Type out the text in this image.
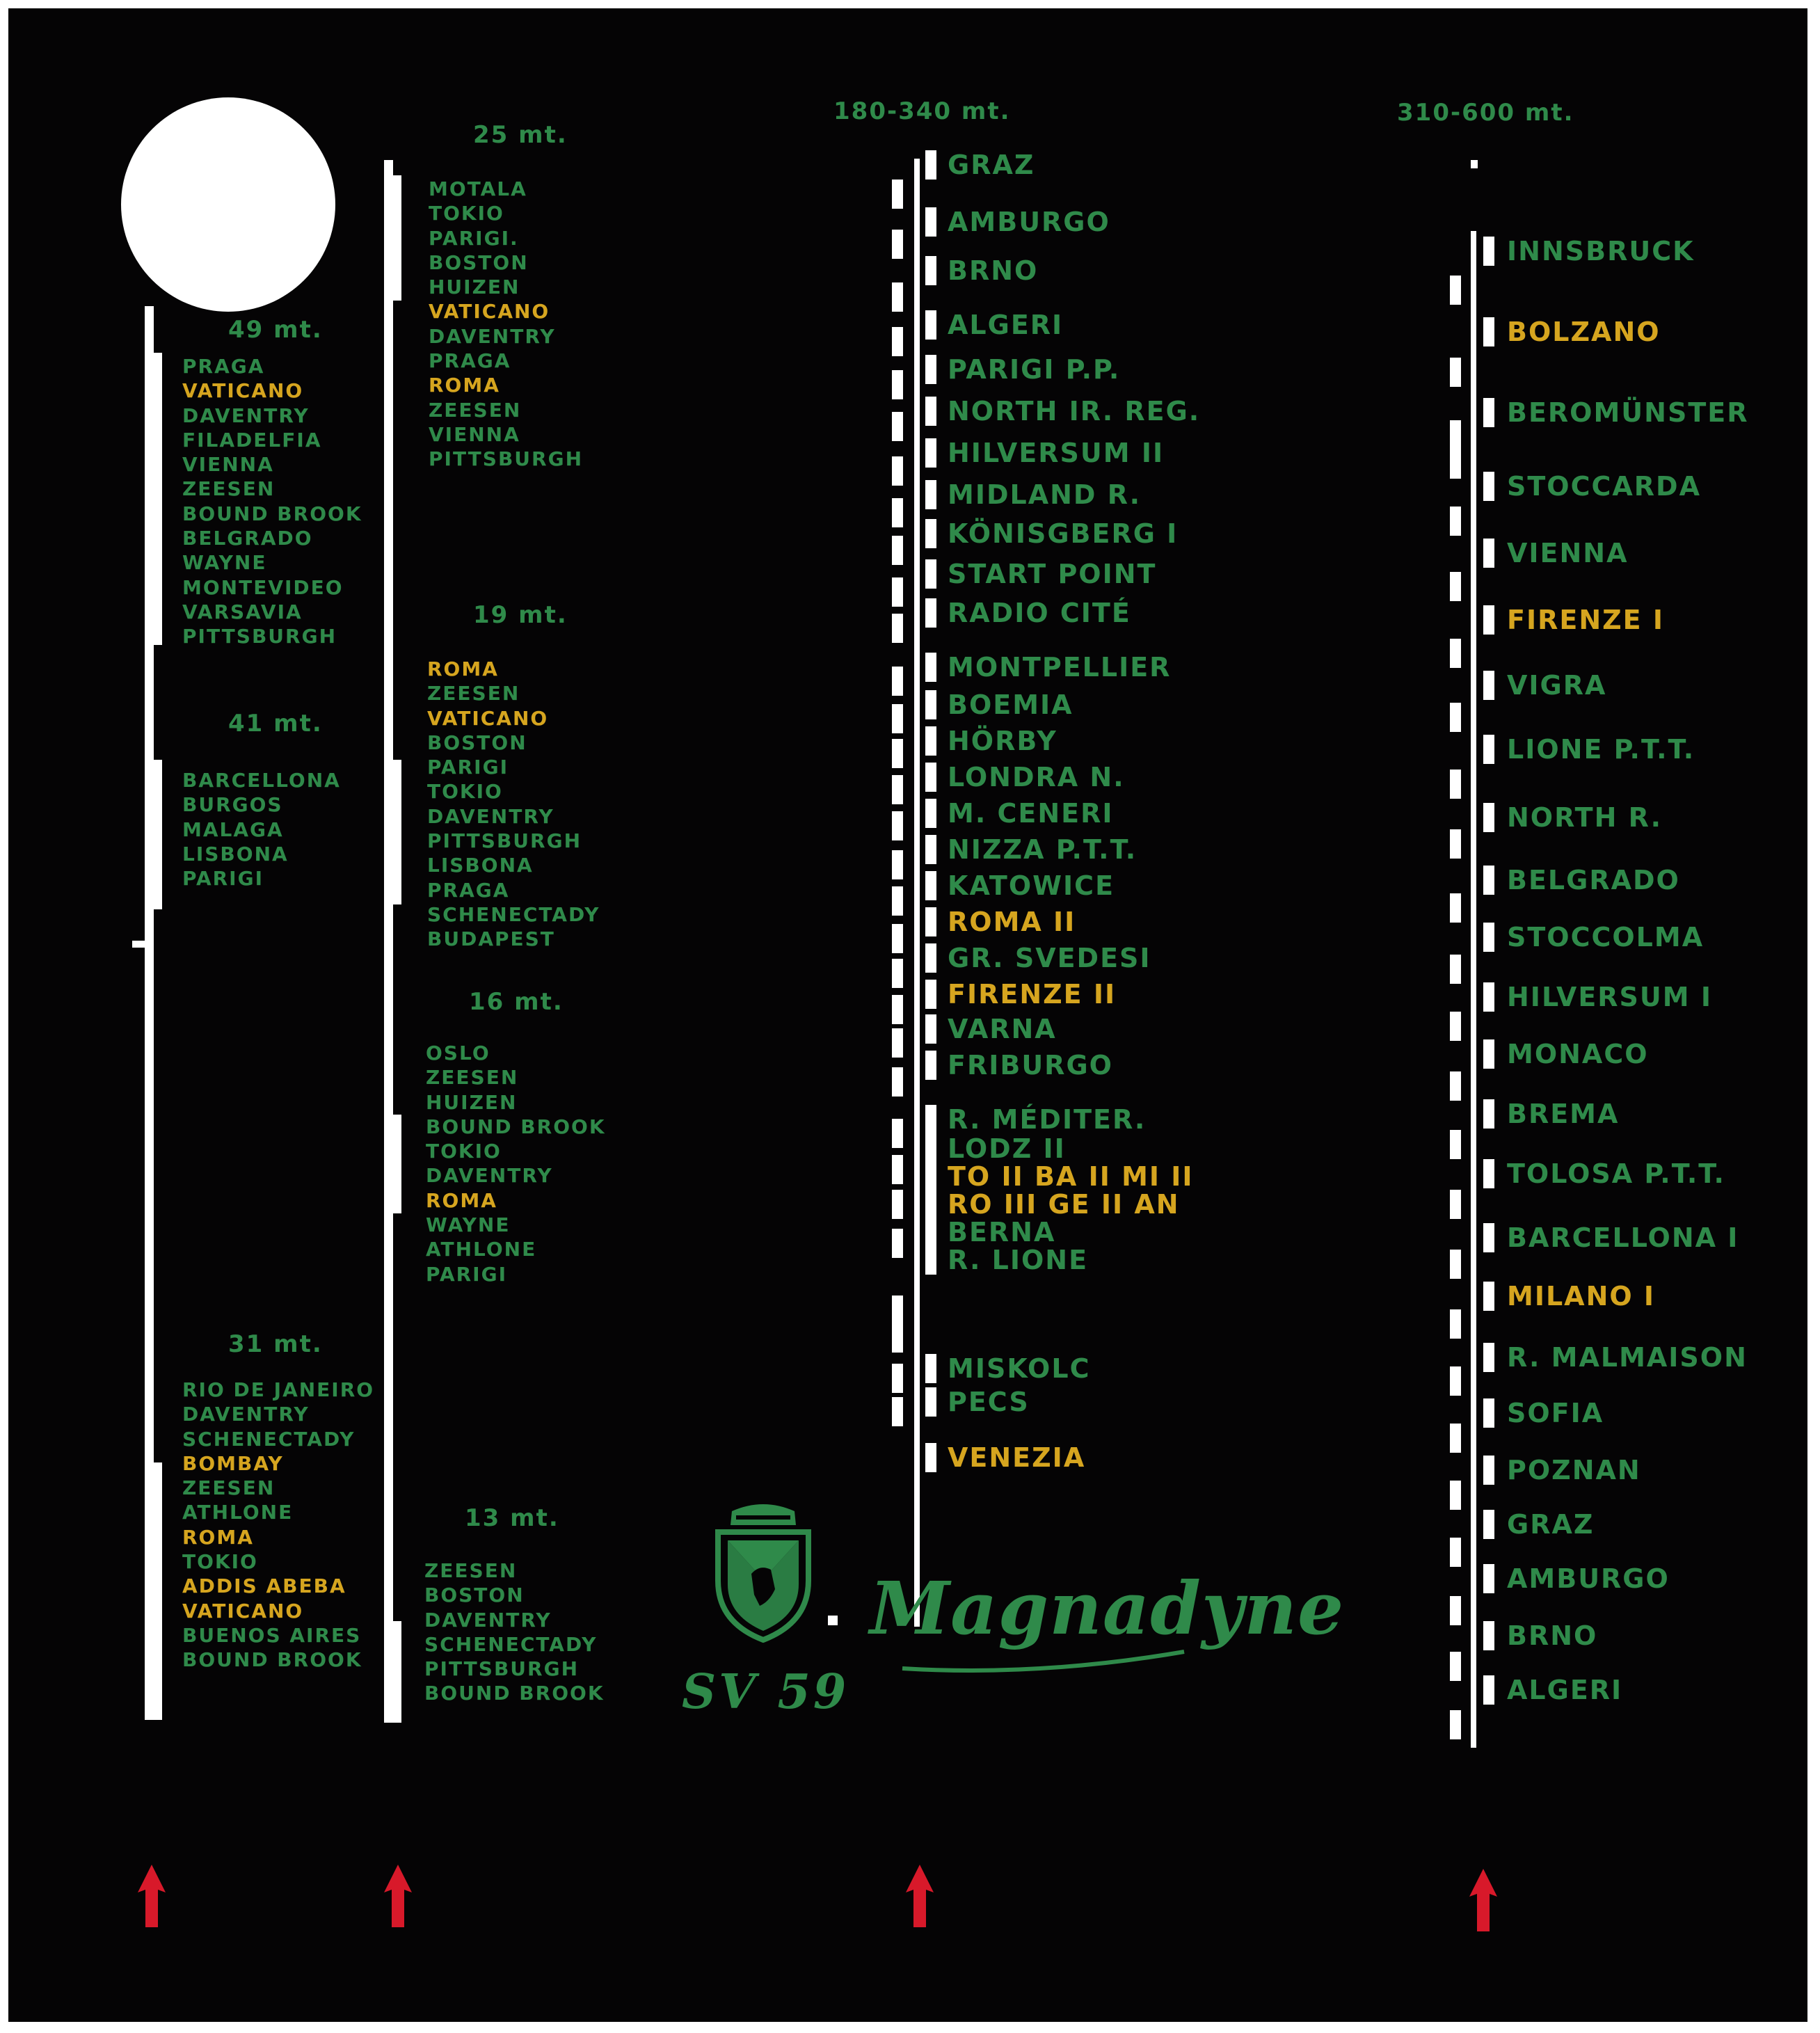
49 mt.
PRAGA
VATICANO
DAVENTRY
FILADELFIA
VIENNA
ZEESEN
BOUND BROOK
BELGRADO
WAYNE
MONTEVIDEO
VARSAVIA
PITTSBURGH
41 mt.
BARCELLONA
BURGOS
MALAGA
LISBONA
PARIGI
31 mt.
RIO DE JANEIRO
DAVENTRY
SCHENECTADY
BOMBAY
ZEESEN
ATHLONE
ROMA
TOKIO
ADDIS ABEBA
VATICANO
BUENOS AIRES
BOUND BROOK
25 mt.
MOTALA
TOKIO
PARIGI.
BOSTON
HUIZEN
VATICANO
DAVENTRY
PRAGA
ROMA
ZEESEN
VIENNA
PITTSBURGH
19 mt.
ROMA
ZEESEN
VATICANO
BOSTON
PARIGI
TOKIO
DAVENTRY
PITTSBURGH
LISBONA
PRAGA
SCHENECTADY
BUDAPEST
16 mt.
OSLO
ZEESEN
HUIZEN
BOUND BROOK
TOKIO
DAVENTRY
ROMA
WAYNE
ATHLONE
PARIGI
13 mt.
ZEESEN
BOSTON
DAVENTRY
SCHENECTADY
PITTSBURGH
BOUND BROOK
180-340 mt.
GRAZ
AMBURGO
BRNO
ALGERI
PARIGI P.P.
NORTH IR. REG.
HILVERSUM II
MIDLAND R.
KÖNISGBERG I
START POINT
RADIO CITÉ
MONTPELLIER
BOEMIA
HÖRBY
LONDRA N.
M. CENERI
NIZZA P.T.T.
KATOWICE
ROMA II
GR. SVEDESI
FIRENZE II
VARNA
FRIBURGO
R. MÉDITER.
LODZ II
TO II BA II MI II
RO III GE II AN
BERNA
R. LIONE
MISKOLC
PECS
VENEZIA
310-600 mt.
INNSBRUCK
BOLZANO
BEROMÜNSTER
STOCCARDA
VIENNA
FIRENZE I
VIGRA
LIONE P.T.T.
NORTH R.
BELGRADO
STOCCOLMA
HILVERSUM I
MONACO
BREMA
TOLOSA P.T.T.
BARCELLONA I
MILANO I
R. MALMAISON
SOFIA
POZNAN
GRAZ
AMBURGO
BRNO
ALGERI
SV 59
Magnadyne
